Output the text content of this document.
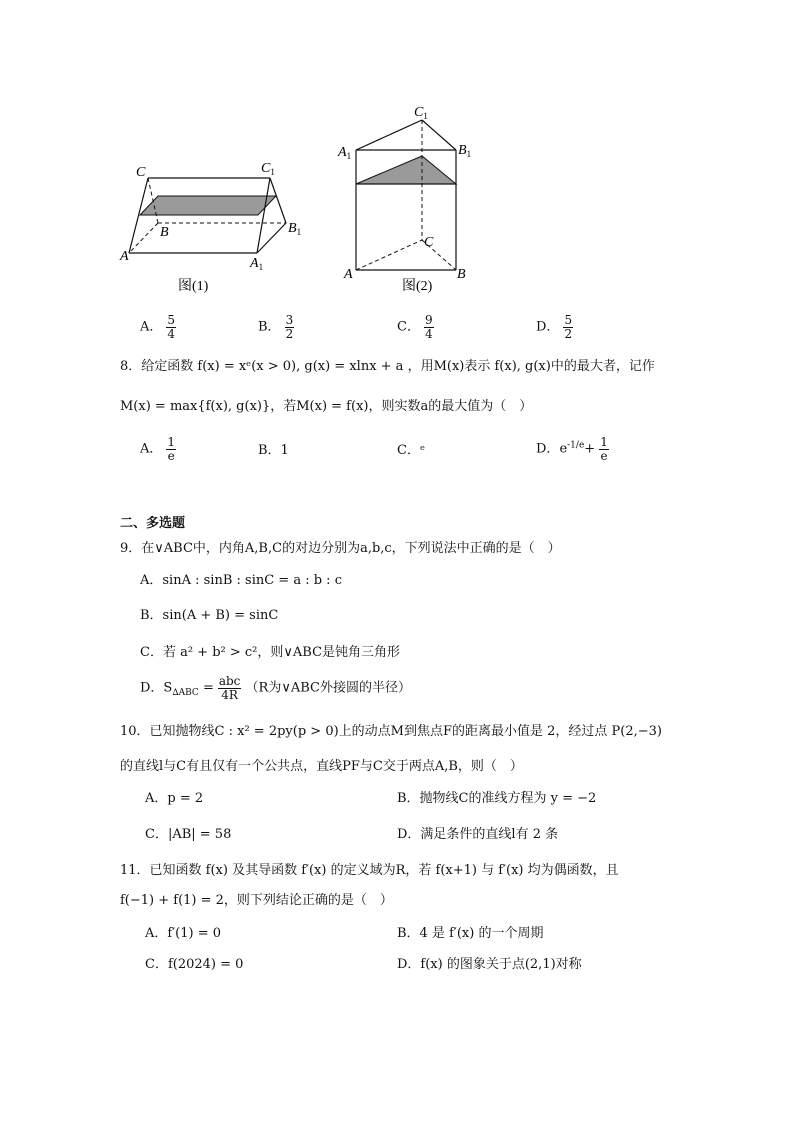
C	$C_1$
B	$B_1$
A	$A_1$
图(1)
$C_1$
$A_1$	$B_1$
C
A	B
图(2)
A． $\frac{5}{4}$	B． $\frac{3}{2}$	C． $\frac{9}{4}$	D． $\frac{5}{2}$
8．给定函数 f(x) = xᵉ(x > 0), g(x) = xlnx + a ，用M(x)表示 f(x), g(x)中的最大者，记作
M(x) = max{f(x), g(x)}，若M(x) = f(x)，则实数a的最大值为（　）
A． $\frac{1}{e}$	B．1	C．ᵉ	D．$e^{-1/e}+ \frac{1}{e}$
二、多选题
9．在∨ABC中，内角A,B,C的对边分别为a,b,c，下列说法中正确的是（　）
A．sinA : sinB : sinC = a : b : c
B．sin(A + B) = sinC
C．若 a² + b² > c²，则∨ABC是钝角三角形
D．$S_{\Delta ABC} = \frac{\text{abc}}{4R} (R$为∨ABC外接圆的半径）
10．已知抛物线C : x² = 2py(p > 0)上的动点M到焦点F的距离最小值是 2，经过点 P(2,−3)
的直线l与C有且仅有一个公共点，直线PF与C交于两点A,B，则（　）
A．p = 2	B．抛物线C的准线方程为 y = −2
C．|AB| = 58	D．满足条件的直线l有 2 条
11．已知函数 f(x) 及其导函数 f′(x) 的定义域为R，若 f(x+1) 与 f′(x) 均为偶函数，且
f(−1) + f(1) = 2，则下列结论正确的是（　）
A．f′(1) = 0	B．4 是 f′(x) 的一个周期
C．f(2024) = 0	D．f(x) 的图象关于点(2,1)对称
